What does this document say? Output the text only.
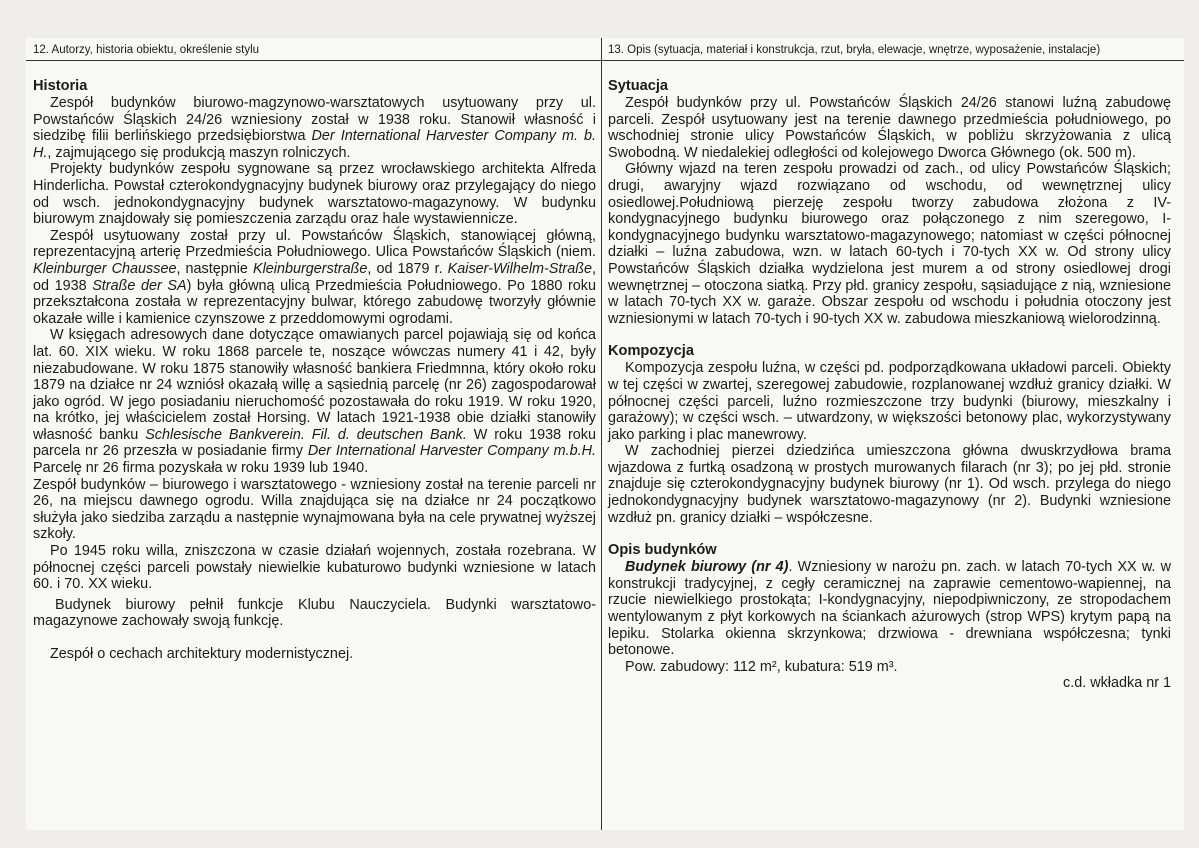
12. Autorzy, historia obiektu, określenie stylu	13. Opis (sytuacja, materiał i konstrukcja, rzut, bryła, elewacje, wnętrze, wyposażenie, instalacje)
Historia

Zespół budynków biurowo-magzynowo-warsztatowych usytuowany przy ul. Powstańców Śląskich 24/26 wzniesiony został w 1938 roku. Stanowił własność i siedzibę filii berlińskiego przedsiębiorstwa Der International Harvester Company m. b. H., zajmującego się produkcją maszyn rolniczych.

Projekty budynków zespołu sygnowane są przez wrocławskiego architekta Alfreda Hinderlicha. Powstał czterokondygnacyjny budynek biurowy oraz przylegający do niego od wsch. jednokondygnacyjny budynek warsztatowo-magazynowy. W budynku biurowym znajdowały się pomieszczenia zarządu oraz hale wystawiennicze.

Zespół usytuowany został przy ul. Powstańców Śląskich, stanowiącej główną, reprezentacyjną arterię Przedmieścia Południowego. Ulica Powstańców Śląskich (niem. Kleinburger Chaussee, następnie Kleinburgerstraße, od 1879 r. Kaiser-Wilhelm-Straße, od 1938 Straße der SA) była główną ulicą Przedmieścia Południowego. Po 1880 roku przekształcona została w reprezentacyjny bulwar, którego zabudowę tworzyły głównie okazałe wille i kamienice czynszowe z przeddomowymi ogrodami.

W księgach adresowych dane dotyczące omawianych parcel pojawiają się od końca lat. 60. XIX wieku. W roku 1868 parcele te, noszące wówczas numery 41 i 42, były niezabudowane. W roku 1875 stanowiły własność bankiera Friedmnna, który około roku 1879 na działce nr 24 wzniósł okazałą willę a sąsiednią parcelę (nr 26) zagospodarował jako ogród. W jego posiadaniu nieruchomość pozostawała do roku 1919. W roku 1920, na krótko, jej właścicielem został Horsing. W latach 1921-1938 obie działki stanowiły własność banku Schlesische Bankverein. Fil. d. deutschen Bank. W roku 1938 roku parcela nr 26 przeszła w posiadanie firmy Der International Harvester Company m.b.H. Parcelę nr 26 firma pozyskała w roku 1939 lub 1940.

Zespół budynków – biurowego i warsztatowego - wzniesiony został na terenie parceli nr 26, na miejscu dawnego ogrodu. Willa znajdująca się na działce nr 24 początkowo służyła jako siedziba zarządu a następnie wynajmowana była na cele prywatnej wyższej szkoły.

Po 1945 roku willa, zniszczona w czasie działań wojennych, została rozebrana. W północnej części parceli powstały niewielkie kubaturowo budynki wzniesione w latach 60. i 70. XX wieku.

Budynek biurowy pełnił funkcje Klubu Nauczyciela. Budynki warsztatowo-magazynowe zachowały swoją funkcję.

Zespół o cechach architektury modernistycznej.

Sytuacja

Zespół budynków przy ul. Powstańców Śląskich 24/26 stanowi luźną zabudowę parceli. Zespół usytuowany jest na terenie dawnego przedmieścia południowego, po wschodniej stronie ulicy Powstańców Śląskich, w pobliżu skrzyżowania z ulicą Swobodną. W niedalekiej odległości od kolejowego Dworca Głównego (ok. 500 m).

Główny wjazd na teren zespołu prowadzi od zach., od ulicy Powstańców Śląskich; drugi, awaryjny wjazd rozwiązano od wschodu, od wewnętrznej ulicy osiedlowej.Południową pierzeję zespołu tworzy zabudowa złożona z IV-kondygnacyjnego budynku biurowego oraz połączonego z nim szeregowo, I-kondygnacyjnego budynku warsztatowo-magazynowego; natomiast w części północnej działki – luźna zabudowa, wzn. w latach 60-tych i 70-tych XX w. Od strony ulicy Powstańców Śląskich działka wydzielona jest murem a od strony osiedlowej drogi wewnętrznej – otoczona siatką. Przy płd. granicy zespołu, sąsiadujące z nią, wzniesione w latach 70-tych XX w. garaże. Obszar zespołu od wschodu i południa otoczony jest wzniesionymi w latach 70-tych i 90-tych XX w. zabudowa mieszkaniową wielorodzinną.

Kompozycja

Kompozycja zespołu luźna, w części pd. podporządkowana układowi parceli. Obiekty w tej części w zwartej, szeregowej zabudowie, rozplanowanej wzdłuż granicy działki. W północnej części parceli, luźno rozmieszczone trzy budynki (biurowy, mieszkalny i garażowy); w części wsch. – utwardzony, w większości betonowy plac, wykorzystywany jako parking i plac manewrowy.

W zachodniej pierzei dziedzińca umieszczona główna dwuskrzydłowa brama wjazdowa z furtką osadzoną w prostych murowanych filarach (nr 3); po jej płd. stronie znajduje się czterokondygnacyjny budynek biurowy (nr 1). Od wsch. przylega do niego jednokondygnacyjny budynek warsztatowo-magazynowy (nr 2). Budynki wzniesione wzdłuż pn. granicy działki – współczesne.

Opis budynków

Budynek biurowy (nr 4). Wzniesiony w narożu pn. zach. w latach 70-tych XX w. w konstrukcji tradycyjnej, z cegły ceramicznej na zaprawie cementowo-wapiennej, na rzucie niewielkiego prostokąta; I-kondygnacyjny, niepodpiwniczony, ze stropodachem wentylowanym z płyt korkowych na ściankach ażurowych (strop WPS) krytym papą na lepiku. Stolarka okienna skrzynkowa; drzwiowa - drewniana współczesna; tynki betonowe.

Pow. zabudowy: 112 m², kubatura: 519 m³.

c.d. wkładka nr 1
